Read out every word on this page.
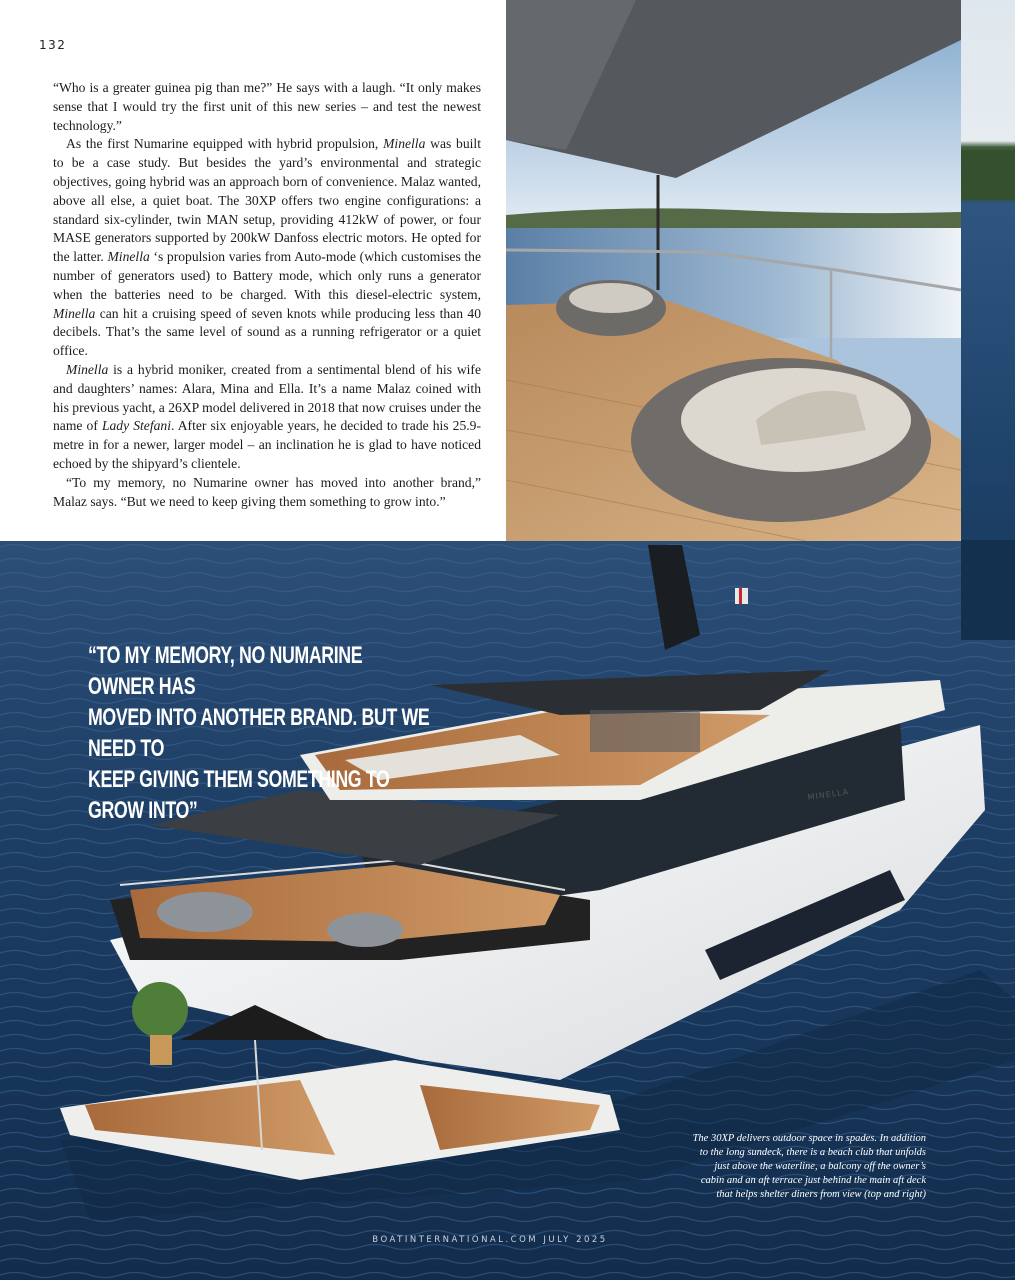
MINELLA
132

“Who is a greater guinea pig than me?” He says with a laugh. “It only makes sense that I would try the first unit of this new series – and test the newest technology.”

As the first Numarine equipped with hybrid propulsion, Minella was built to be a case study. But besides the yard’s environmental and strategic objectives, going hybrid was an approach born of convenience. Malaz wanted, above all else, a quiet boat. The 30XP offers two engine configurations: a standard six-cylinder, twin MAN setup, providing 412kW of power, or four MASE generators supported by 200kW Danfoss electric motors. He opted for the latter. Minella ‘s propulsion varies from Auto-mode (which customises the number of generators used) to Battery mode, which only runs a generator when the batteries need to be charged. With this diesel-electric system, Minella can hit a cruising speed of seven knots while producing less than 40 decibels. That’s the same level of sound as a running refrigerator or a quiet office.

Minella is a hybrid moniker, created from a sentimental blend of his wife and daughters’ names: Alara, Mina and Ella. It’s a name Malaz coined with his previous yacht, a 26XP model delivered in 2018 that now cruises under the name of Lady Stefani. After six enjoyable years, he decided to trade his 25.9-metre in for a newer, larger model – an inclination he is glad to have noticed echoed by the shipyard’s clientele.

“To my memory, no Numarine owner has moved into another brand,” Malaz says. “But we need to keep giving them something to grow into.”

“TO MY MEMORY, NO NUMARINE OWNER HAS
MOVED INTO ANOTHER BRAND. BUT WE NEED TO
KEEP GIVING THEM SOMETHING TO GROW INTO”
The 30XP delivers outdoor space in spades. In addition to the long sundeck, there is a beach club that unfolds just above the waterline, a balcony off the owner’s cabin and an aft terrace just behind the main aft deck that helps shelter diners from view (top and right)
BOATINTERNATIONAL.COM JULY 2025
